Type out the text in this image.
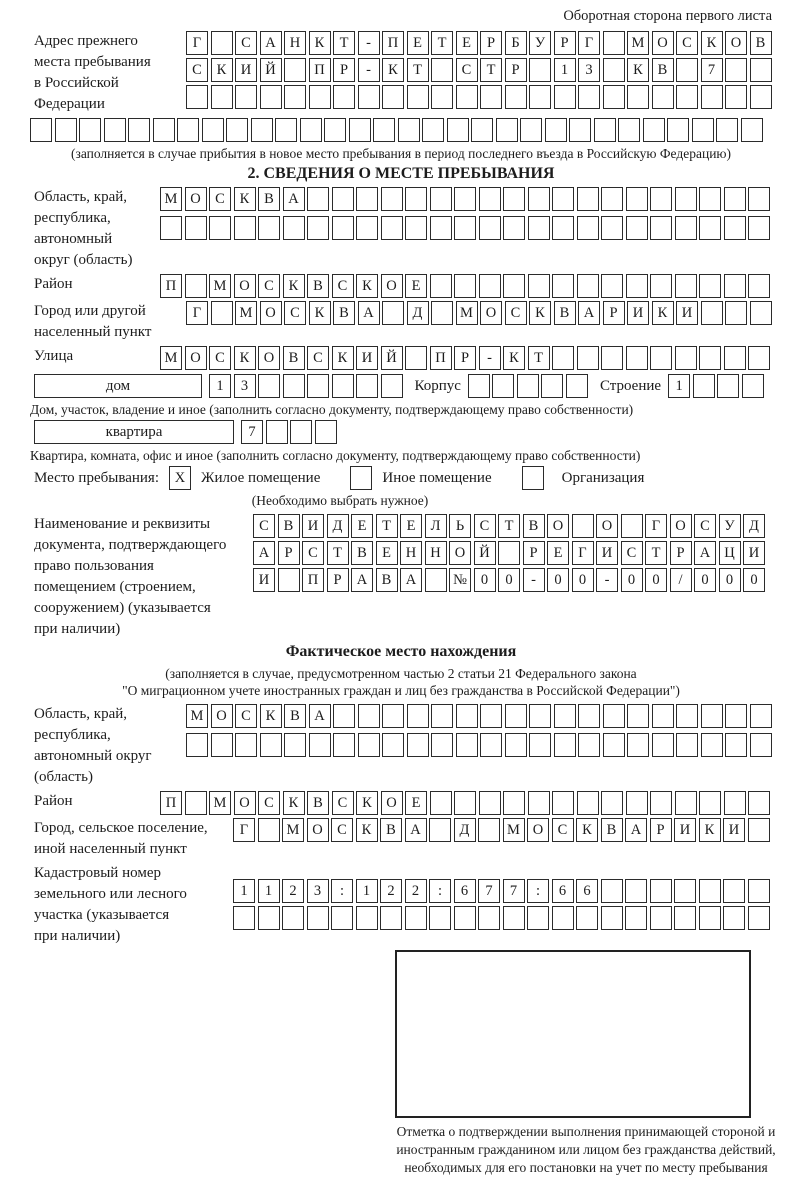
Оборотная сторона первого листа
Адрес прежнего
места пребывания
в Российской
Федерации
Г	С А Н К	Т	-	П	Е	Т	Е	Р	Б	У	Р	Г	М О С	К О В
С	К И Й	П	Р	-	К	Т	С	Т	Р	1	3	К	В	7
(заполняется в случае прибытия в новое место пребывания в период последнего въезда в Российскую Федерацию)
2. СВЕДЕНИЯ О МЕСТЕ ПРЕБЫВАНИЯ
Область, край,
республика,
автономный
округ (область)
М О С	К	В А
Район	П	М О С	К	В	С	К О	Е
Город или другой
населенный пункт
Г	М О С	К	В А	Д	М О С	К	В А	Р	И К И
Улица	М О С	К О В	С	К И Й	П	Р	-	К	Т
дом	1	3	Корпус	Строение 1
Дом, участок, владение и иное (заполнить согласно документу, подтверждающему право собственности)
квартира	7
Квартира, комната, офис и иное (заполнить согласно документу, подтверждающему право собственности)
Место пребывания:	X	Жилое помещение	Иное помещение	Организация
(Необходимо выбрать нужное)
Наименование и реквизиты
документа, подтверждающего
право пользования
помещением (строением,
сооружением) (указывается
при наличии)
С	В И Д	Е	Т	Е	Л	Ь	С	Т	В О	О	Г	О С	У Д
А	Р	С	Т	В	Е	Н Н О Й	Р	Е	Г	И С	Т	Р	А Ц И
И	П	Р	А В А	№ 0	0	-	0	0	-	0	0	/	0	0	0
Фактическое место нахождения
(заполняется в случае, предусмотренном частью 2 статьи 21 Федерального закона
"О миграционном учете иностранных граждан и лиц без гражданства в Российской Федерации")
Область, край,
республика,
автономный округ
(область)
М О С	К	В А
Район	П	М О С	К	В	С	К О	Е
Город, сельское поселение,
иной населенный пункт
Г	М О С	К	В А	Д	М О С	К	В А	Р	И К И
Кадастровый номер
земельного или лесного
участка (указывается
при наличии)
1	1	2	3	:	1	2	2	:	6	7	7	:	6	6
Отметка о подтверждении выполнения принимающей стороной и иностранным гражданином или лицом без гражданства действий, необходимых для его постановки на учет по месту пребывания
